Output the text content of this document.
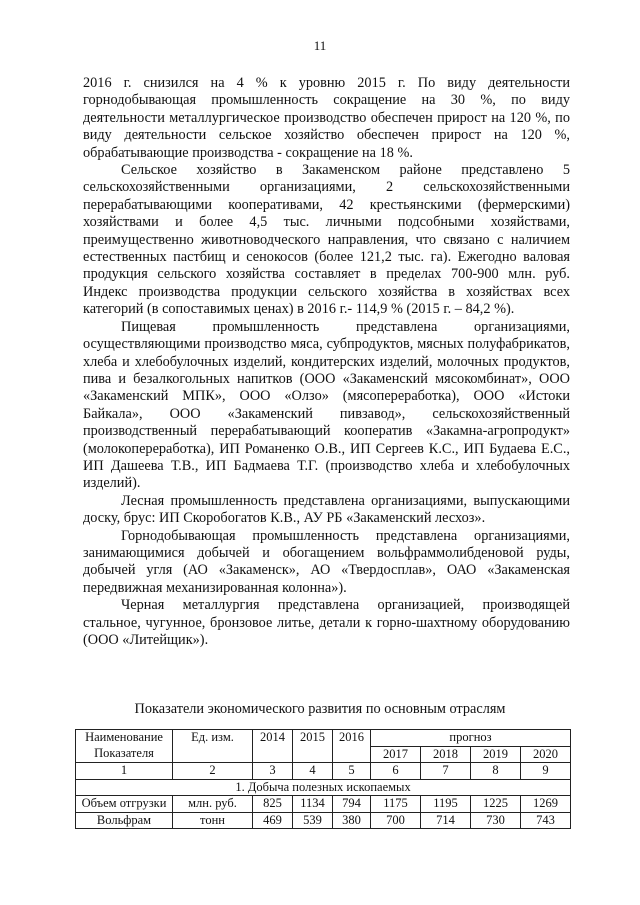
11

2016 г. снизился на 4 % к уровню 2015 г. По виду деятельности горнодобывающая промышленность сокращение на 30 %, по виду деятельности металлургическое производство обеспечен прирост на 120 %, по виду деятельности сельское хозяйство обеспечен прирост на 120 %, обрабатывающие производства - сокращение на 18 %.

Сельское хозяйство в Закаменском районе представлено 5 сельскохозяйственными организациями, 2 сельскохозяйственными перерабатывающими кооперативами, 42 крестьянскими (фермерскими) хозяйствами и более 4,5 тыс. личными подсобными хозяйствами, преимущественно животноводческого направления, что связано с наличием естественных пастбищ и сенокосов (более 121,2 тыс. га). Ежегодно валовая продукция сельского хозяйства составляет в пределах 700-900 млн. руб. Индекс производства продукции сельского хозяйства в хозяйствах всех категорий (в сопоставимых ценах) в 2016 г.- 114,9 % (2015 г. – 84,2 %).

Пищевая промышленность представлена организациями, осуществляющими производство мяса, субпродуктов, мясных полуфабрикатов, хлеба и хлебобулочных изделий, кондитерских изделий, молочных продуктов, пива и безалкогольных напитков (ООО «Закаменский мясокомбинат», ООО «Закаменский МПК», ООО «Олзо» (мясопереработка), ООО «Истоки Байкала», ООО «Закаменский пивзавод», сельскохозяйственный производственный перерабатывающий кооператив «Закамна-агропродукт» (молокопереработка), ИП Романенко О.В., ИП Сергеев К.С., ИП Будаева Е.С., ИП Дашеева Т.В., ИП Бадмаева Т.Г. (производство хлеба и хлебобулочных изделий).

Лесная промышленность представлена организациями, выпускающими доску, брус: ИП Скоробогатов К.В., АУ РБ «Закаменский лесхоз».

Горнодобывающая промышленность представлена организациями, занимающимися добычей и обогащением вольфраммолибденовой руды, добычей угля (АО «Закаменск», АО «Твердосплав», ОАО «Закаменская передвижная механизированная колонна»).

Черная металлургия представлена организацией, производящей стальное, чугунное, бронзовое литье, детали к горно-шахтному оборудованию (ООО «Литейщик»).

Показатели экономического развития по основным отраслям
Наименование Показателя	Ед. изм.	2014	2015	2016	прогноз			
					2017	2018	2019	2020
1	2	3	4	5	6	7	8	9
1. Добыча полезных ископаемых								
Объем отгрузки	млн. руб.	825	1134	794	1175	1195	1225	1269
Вольфрам	тонн	469	539	380	700	714	730	743
